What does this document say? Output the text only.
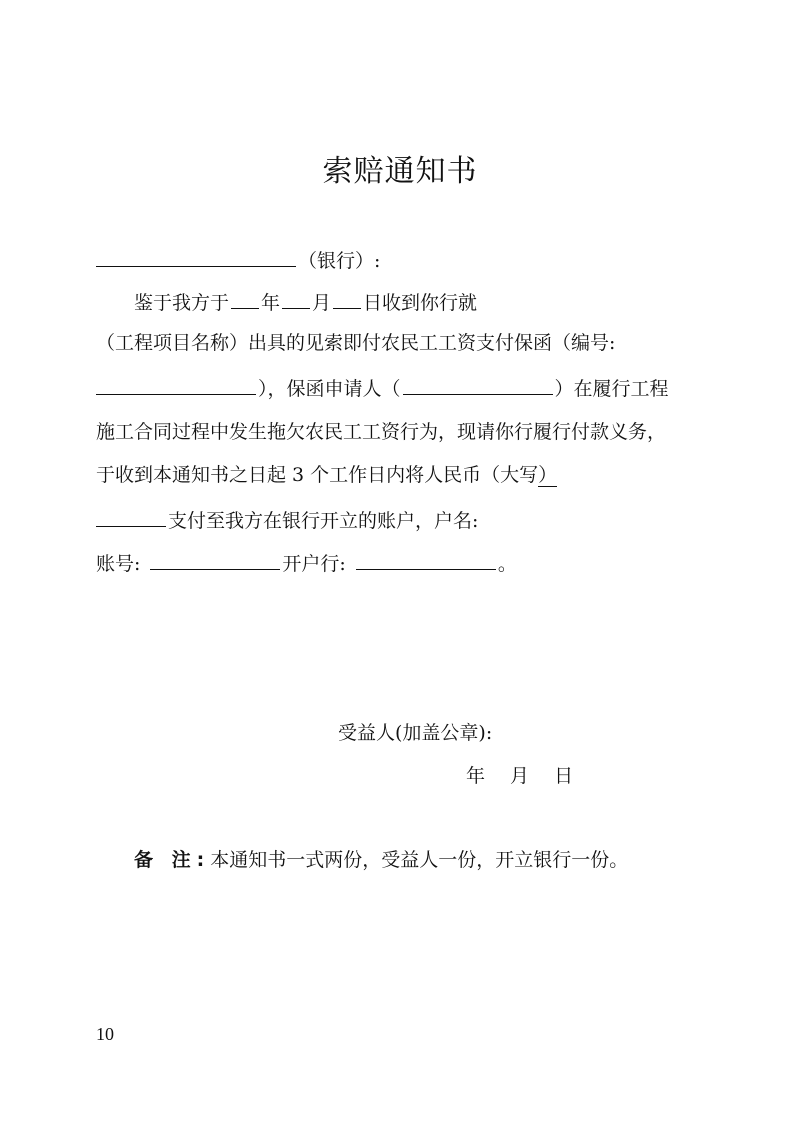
索赔通知书
（银行）:
鉴于我方于 年 月 日收到你行就
（工程项目名称）出具的见索即付农民工工资支付保函（编号:
），保函申请人（	）在履行工程
施工合同过程中发生拖欠农民工工资行为，现请你行履行付款义务，
于收到本通知书之日起 3 个工作日内将人民币（大写）
支付至我方在银行开立的账户，户名:
账号:	开户行:	。
受益人(加盖公章):
年　 月　 日
备 注:本通知书一式两份，受益人一份，开立银行一份。
10
